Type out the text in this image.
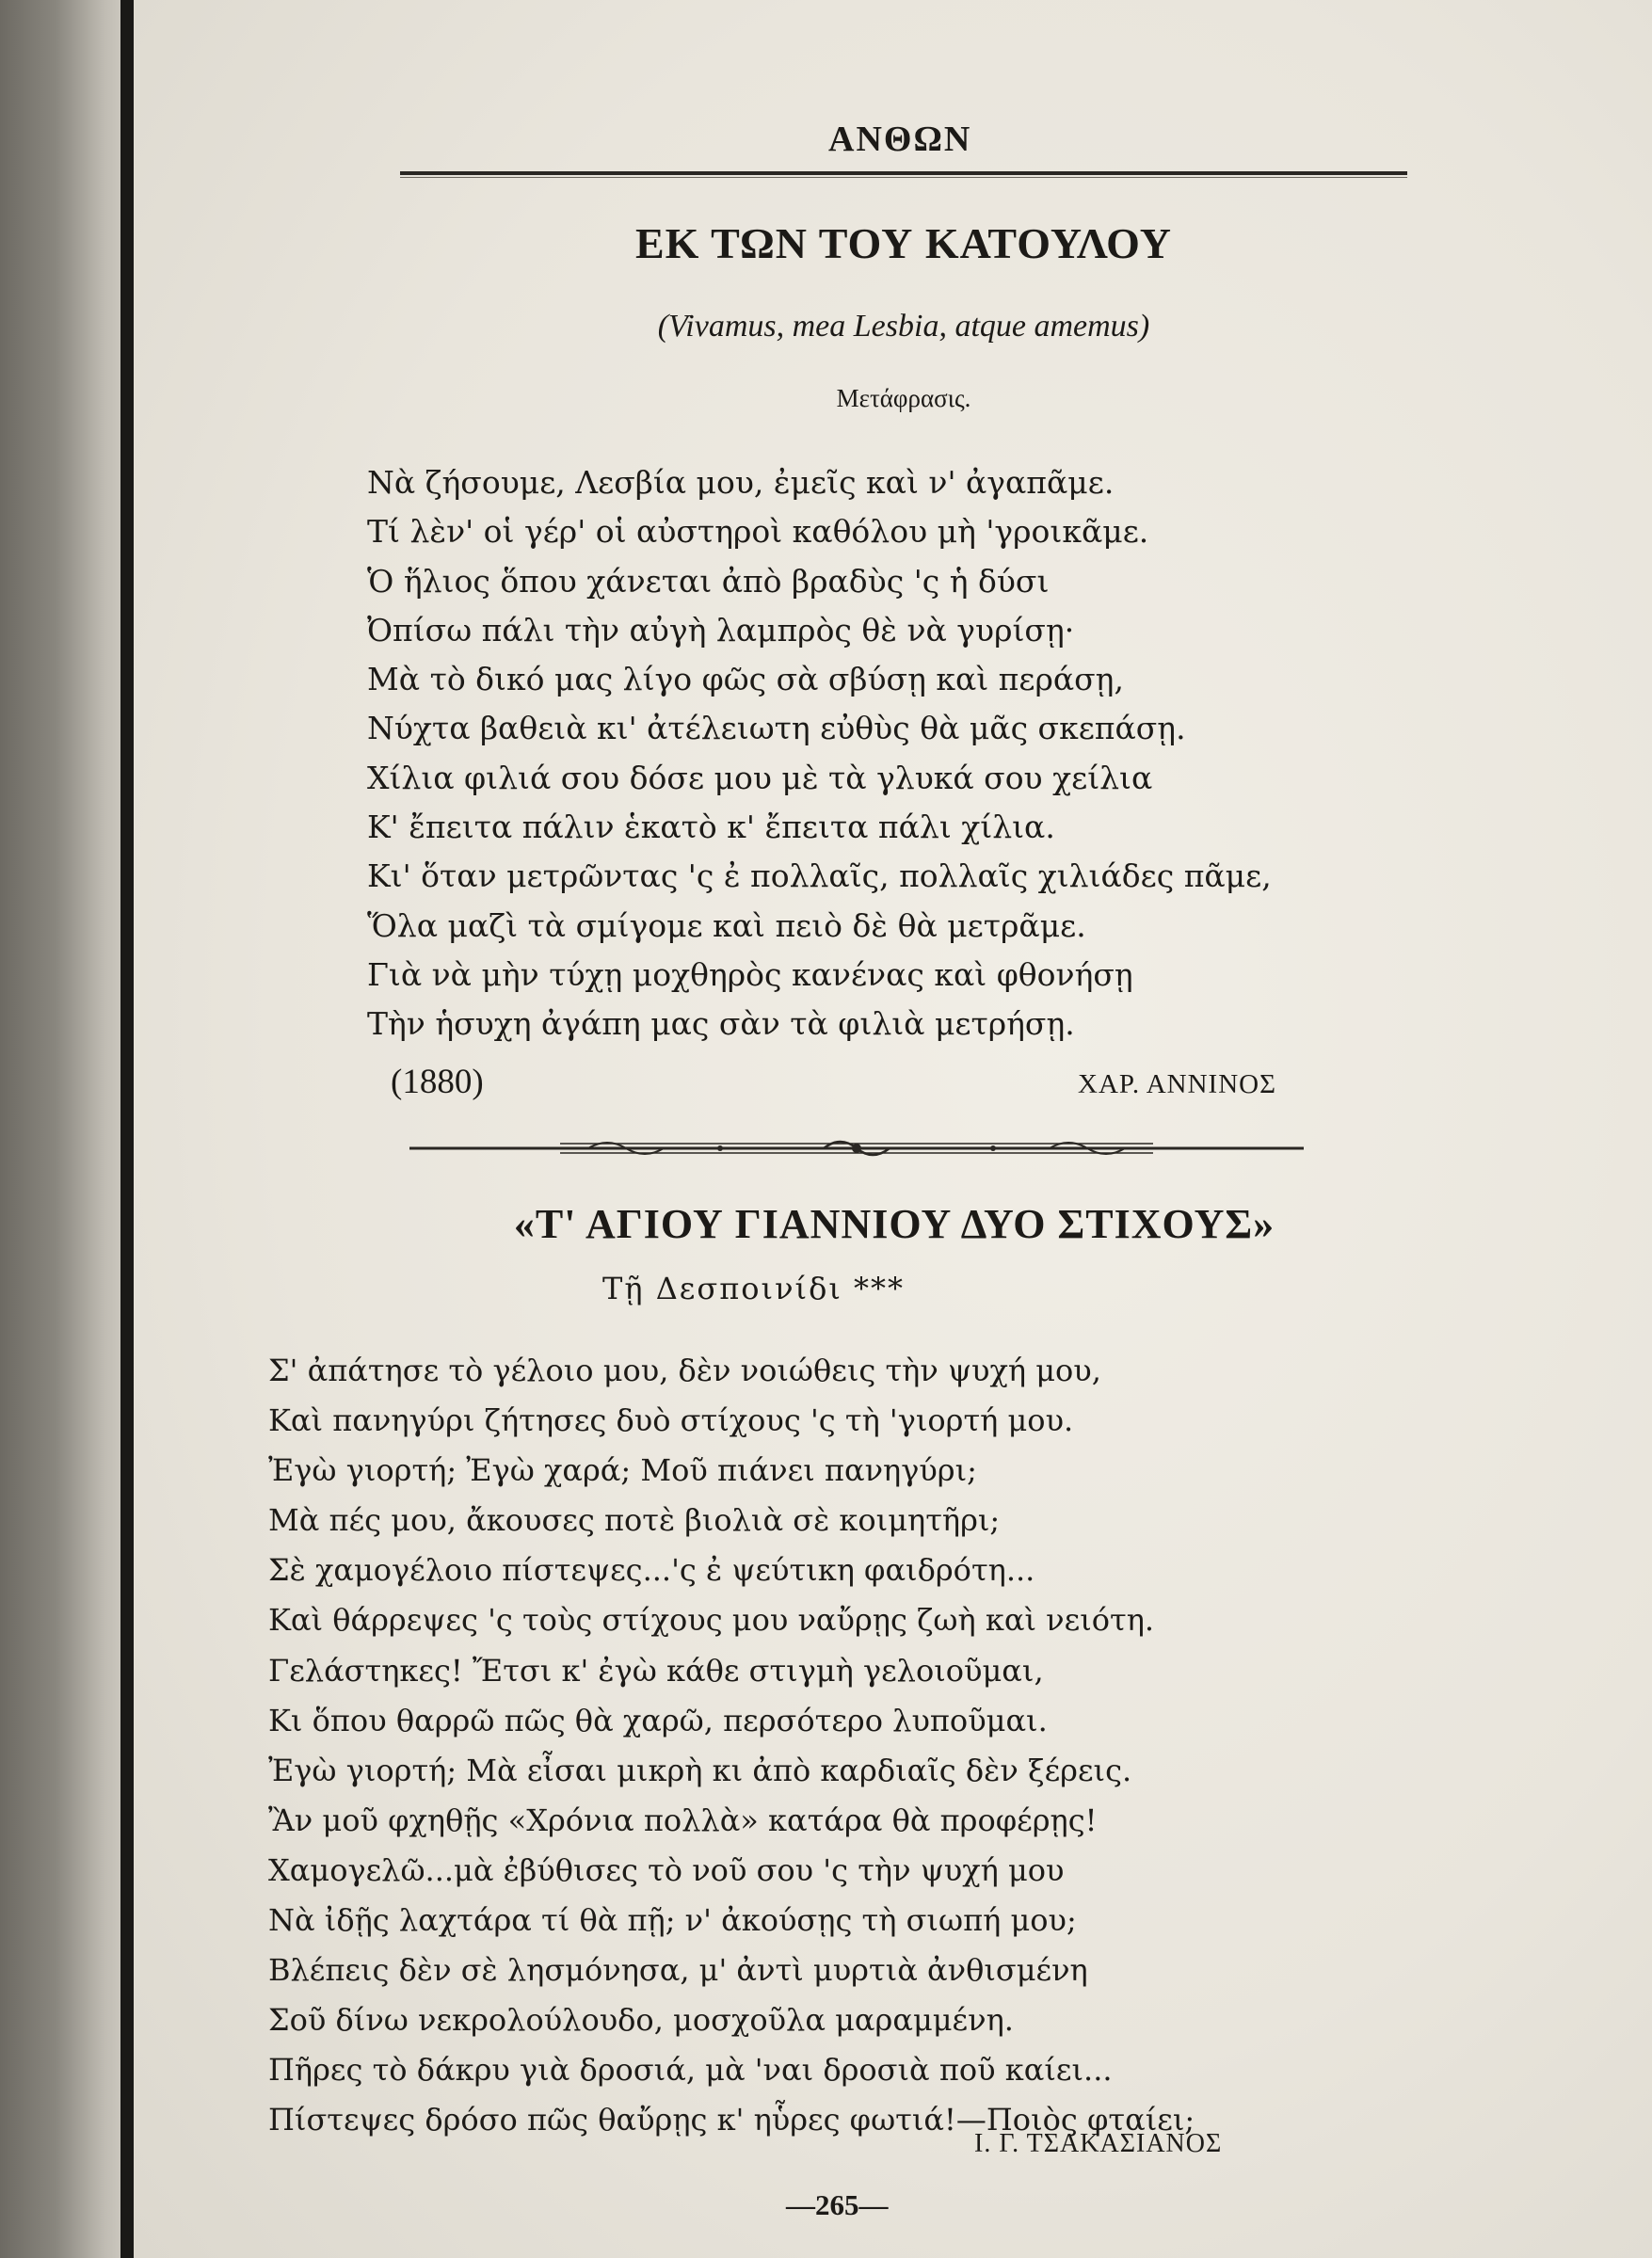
ΑΝΘΩΝ
ΕΚ ΤΩΝ ΤΟΥ ΚΑΤΟΥΛΟΥ
(Vivamus, mea Lesbia, atque amemus)
Μετάφρασις.
Νὰ ζήσουμε, Λεσβία μου, ἐμεῖς καὶ ν' ἀγαπᾶμε.
Τί λὲν' οἱ γέρ' οἱ αὐστηροὶ καθόλου μὴ 'γροικᾶμε.
Ὁ ἥλιος ὅπου χάνεται ἀπὸ βραδὺς 'ς ἡ δύσι
Ὀπίσω πάλι τὴν αὐγὴ λαμπρὸς θὲ νὰ γυρίσῃ·
Μὰ τὸ δικό μας λίγο φῶς σὰ σβύσῃ καὶ περάσῃ,
Νύχτα βαθειὰ κι' ἀτέλειωτη εὐθὺς θὰ μᾶς σκεπάσῃ.
Χίλια φιλιά σου δόσε μου μὲ τὰ γλυκά σου χείλια
Κ' ἔπειτα πάλιν ἑκατὸ κ' ἔπειτα πάλι χίλια.
Κι' ὅταν μετρῶντας 'ς ἐ πολλαῖς, πολλαῖς χιλιάδες πᾶμε,
Ὅλα μαζὶ τὰ σμίγομε καὶ πειὸ δὲ θὰ μετρᾶμε.
Γιὰ νὰ μὴν τύχῃ μοχθηρὸς κανένας καὶ φθονήσῃ
Τὴν ἡσυχη ἀγάπη μας σὰν τὰ φιλιὰ μετρήσῃ.
(1880)	ΧΑΡ. ΑΝΝΙΝΟΣ
«Τ' ΑΓΙΟΥ ΓΙΑΝΝΙΟΥ ΔΥΟ ΣΤΙΧΟΥΣ»
Τῇ Δεσποινίδι ***
Σ' ἀπάτησε τὸ γέλοιο μου, δὲν νοιώθεις τὴν ψυχή μου,
Καὶ πανηγύρι ζήτησες δυὸ στίχους 'ς τὴ 'γιορτή μου.
Ἐγὼ γιορτή; Ἐγὼ χαρά; Μοῦ πιάνει πανηγύρι;
Μὰ πές μου, ἄκουσες ποτὲ βιολιὰ σὲ κοιμητῆρι;
Σὲ χαμογέλοιο πίστεψες...'ς ἐ ψεύτικη φαιδρότη...
Καὶ θάρρεψες 'ς τοὺς στίχους μου ναὔρῃς ζωὴ καὶ νειότη.
Γελάστηκες! Ἔτσι κ' ἐγὼ κάθε στιγμὴ γελοιοῦμαι,
Κι ὅπου θαρρῶ πῶς θὰ χαρῶ, περσότερο λυποῦμαι.
Ἐγὼ γιορτή; Μὰ εἶσαι μικρὴ κι ἀπὸ καρδιαῖς δὲν ξέρεις.
Ἂν μοῦ φχηθῇς «Χρόνια πολλὰ» κατάρα θὰ προφέρῃς!
Χαμογελῶ...μὰ ἐβύθισες τὸ νοῦ σου 'ς τὴν ψυχή μου
Νὰ ἰδῇς λαχτάρα τί θὰ πῇ; ν' ἀκούσῃς τὴ σιωπή μου;
Βλέπεις δὲν σὲ λησμόνησα, μ' ἀντὶ μυρτιὰ ἀνθισμένη
Σοῦ δίνω νεκρολούλουδο, μοσχοῦλα μαραμμένη.
Πῆρες τὸ δάκρυ γιὰ δροσιά, μὰ 'ναι δροσιὰ ποῦ καίει...
Πίστεψες δρόσο πῶς θαὔρῃς κ' ηὗρες φωτιά!—Ποιὸς φταίει;
Ι. Γ. ΤΣΑΚΑΣΙΑΝΟΣ
—265—
